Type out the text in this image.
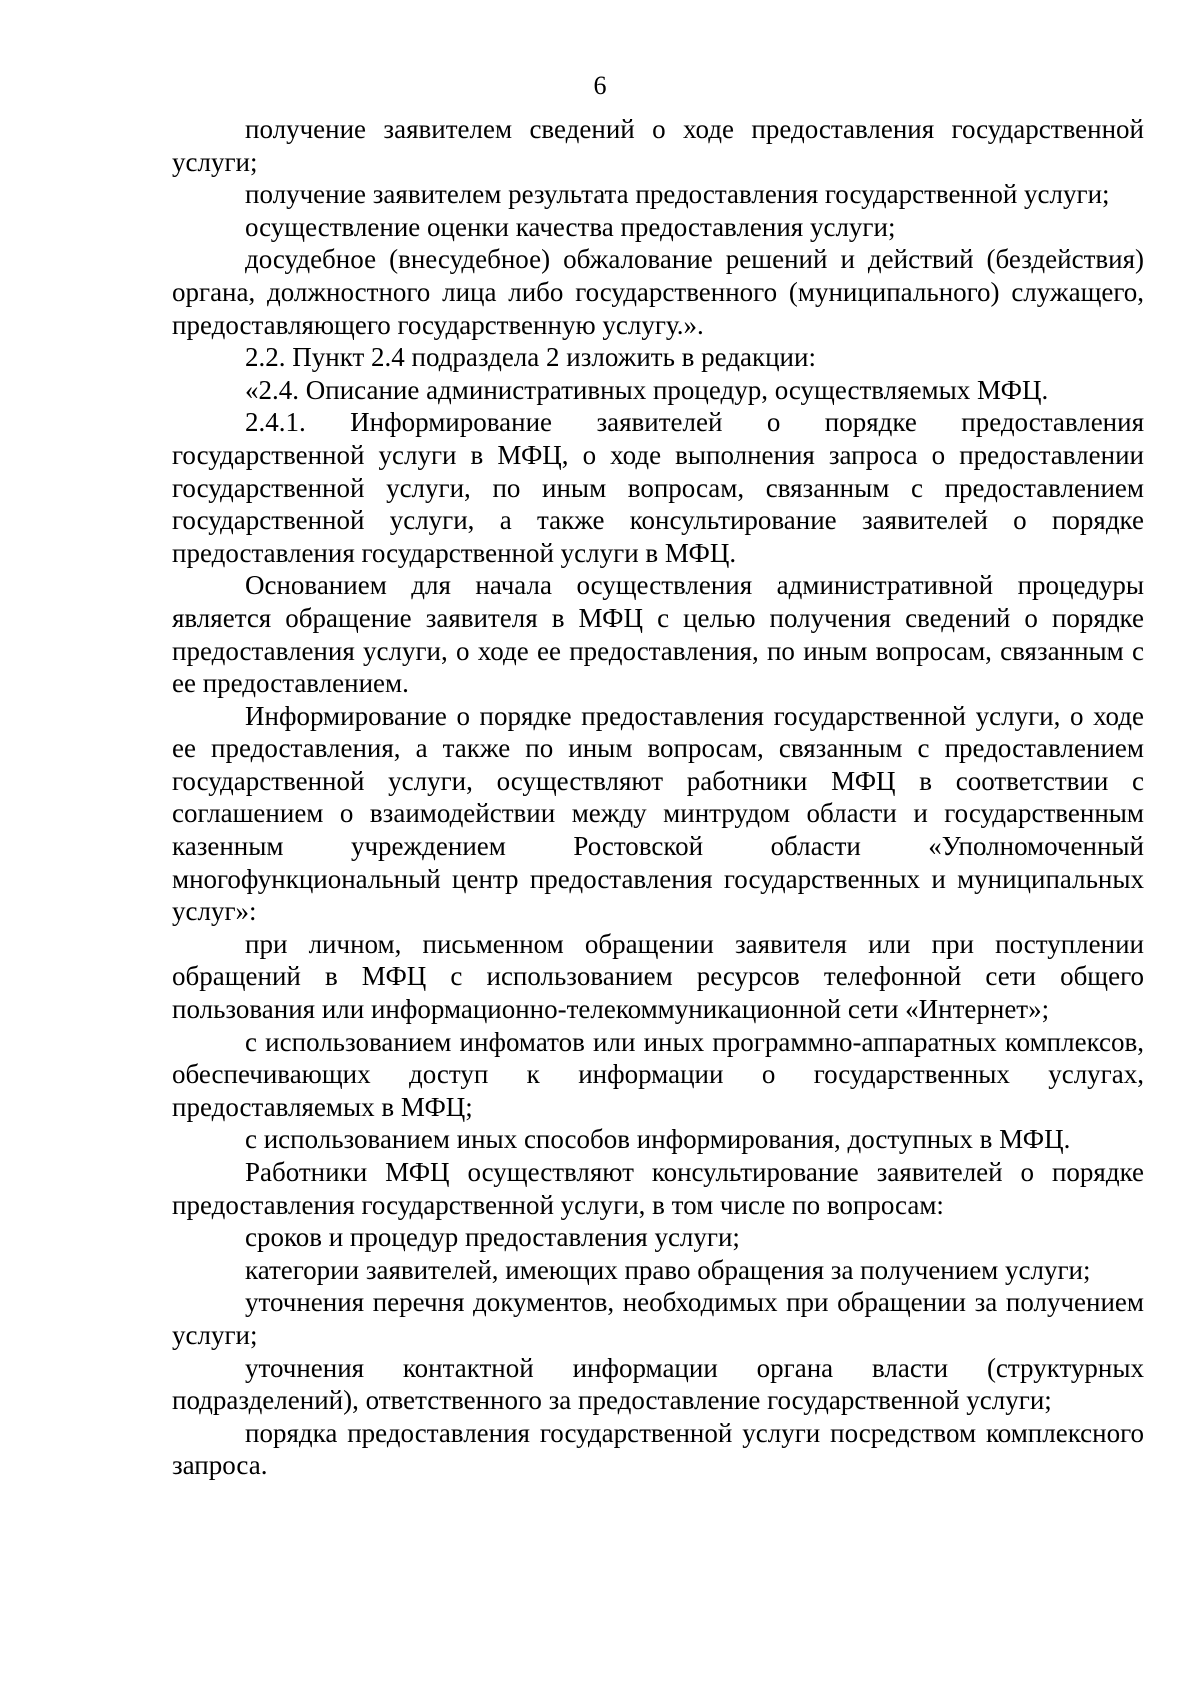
6

получение заявителем сведений о ходе предоставления государственной услуги;

получение заявителем результата предоставления государственной услуги;

осуществление оценки качества предоставления услуги;

досудебное (внесудебное) обжалование решений и действий (бездействия) органа, должностного лица либо государственного (муниципального) служащего, предоставляющего государственную услугу.».

2.2. Пункт 2.4 подраздела 2 изложить в редакции:

«2.4. Описание административных процедур, осуществляемых МФЦ.

2.4.1. Информирование заявителей о порядке предоставления государственной услуги в МФЦ, о ходе выполнения запроса о предоставлении государственной услуги, по иным вопросам, связанным с предоставлением государственной услуги, а также консультирование заявителей о порядке предоставления государственной услуги в МФЦ.

Основанием для начала осуществления административной процедуры является обращение заявителя в МФЦ с целью получения сведений о порядке предоставления услуги, о ходе ее предоставления, по иным вопросам, связанным с ее предоставлением.

Информирование о порядке предоставления государственной услуги, о ходе ее предоставления, а также по иным вопросам, связанным с предоставлением государственной услуги, осуществляют работники МФЦ в соответствии с соглашением о взаимодействии между минтрудом области и государственным казенным учреждением Ростовской области «Уполномоченный многофункциональный центр предоставления государственных и муниципальных услуг»:

при личном, письменном обращении заявителя или при поступлении обращений в МФЦ с использованием ресурсов телефонной сети общего пользования или информационно-телекоммуникационной сети «Интернет»;

с использованием инфоматов или иных программно-аппаратных комплексов, обеспечивающих доступ к информации о государственных услугах, предоставляемых в МФЦ;

с использованием иных способов информирования, доступных в МФЦ.

Работники МФЦ осуществляют консультирование заявителей о порядке предоставления государственной услуги, в том числе по вопросам:

сроков и процедур предоставления услуги;

категории заявителей, имеющих право обращения за получением услуги;

уточнения перечня документов, необходимых при обращении за получением услуги;

уточнения контактной информации органа власти (структурных подразделений), ответственного за предоставление государственной услуги;

порядка предоставления государственной услуги посредством комплексного запроса.
